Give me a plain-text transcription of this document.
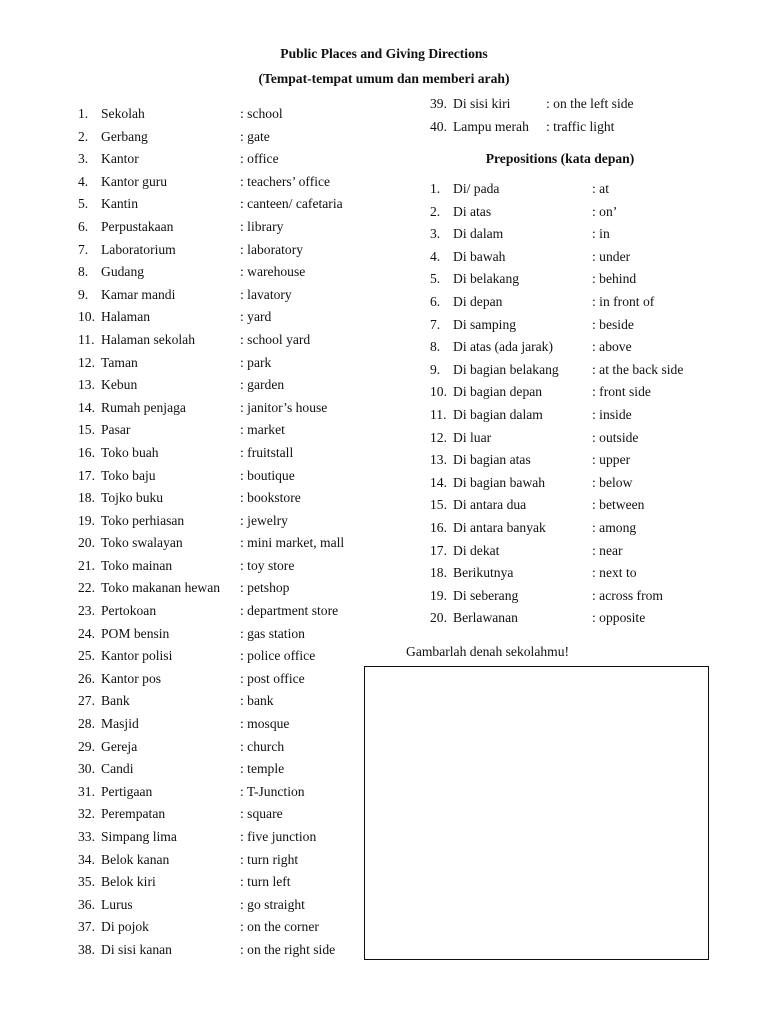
Public Places and Giving Directions
(Tempat-tempat umum dan memberi arah)
1. Sekolah	: school
2. Gerbang	: gate
3. Kantor	: office
4. Kantor guru	: teachers’ office
5. Kantin	: canteen/ cafetaria
6. Perpustakaan	: library
7. Laboratorium	: laboratory
8. Gudang	: warehouse
9. Kamar mandi	: lavatory
10. Halaman	: yard
11. Halaman sekolah	: school yard
12. Taman	: park
13. Kebun	: garden
14. Rumah penjaga	: janitor’s house
15. Pasar	: market
16. Toko buah	: fruitstall
17. Toko baju	: boutique
18. Tojko buku	: bookstore
19. Toko perhiasan	: jewelry
20. Toko swalayan	: mini market, mall
21. Toko mainan	: toy store
22. Toko makanan hewan : petshop
23. Pertokoan	: department store
24. POM bensin	: gas station
25. Kantor polisi	: police office
26. Kantor pos	: post office
27. Bank	: bank
28. Masjid	: mosque
29. Gereja	: church
30. Candi	: temple
31. Pertigaan	: T-Junction
32. Perempatan	: square
33. Simpang lima	: five junction
34. Belok kanan	: turn right
35. Belok kiri	: turn left
36. Lurus	: go straight
37. Di pojok	: on the corner
38. Di sisi kanan	: on the right side
39. Di sisi kiri	: on the left side
40. Lampu merah : traffic light
Prepositions (kata depan)
1. Di/ pada	: at
2. Di atas	: on’
3. Di dalam	: in
4. Di bawah	: under
5. Di belakang	: behind
6. Di depan	: in front of
7. Di samping	: beside
8. Di atas (ada jarak)	: above
9. Di bagian belakang : at the back side
10. Di bagian depan	: front side
11. Di bagian dalam	: inside
12. Di luar	: outside
13. Di bagian atas	: upper
14. Di bagian bawah	: below
15. Di antara dua	: between
16. Di antara banyak	: among
17. Di dekat	: near
18. Berikutnya	: next to
19. Di seberang	: across from
20. Berlawanan	: opposite
Gambarlah denah sekolahmu!
